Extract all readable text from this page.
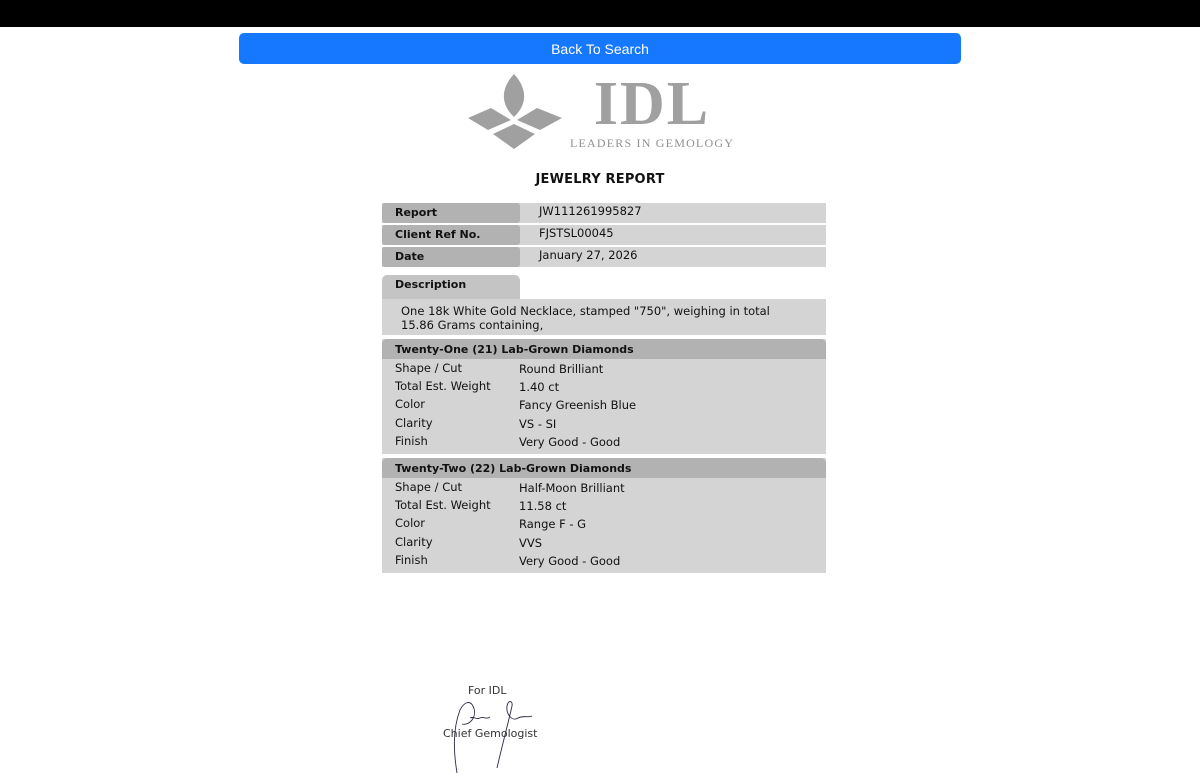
Back To Search
IDL
LEADERS IN GEMOLOGY
JEWELRY REPORT
Report	JW111261995827
Client Ref No.	FJSTSL00045
Date	January 27, 2026
Description
One 18k White Gold Necklace, stamped "750", weighing in total 15.86 Grams containing,
Twenty-One (21) Lab-Grown Diamonds
Shape / Cut	Round Brilliant
Total Est. Weight 1.40 ct
Color	Fancy Greenish Blue
Clarity	VS - SI
Finish	Very Good - Good
Twenty-Two (22) Lab-Grown Diamonds
Shape / Cut	Half-Moon Brilliant
Total Est. Weight 11.58 ct
Color	Range F - G
Clarity	VVS
Finish	Very Good - Good
For IDL
Chief Gemologist
